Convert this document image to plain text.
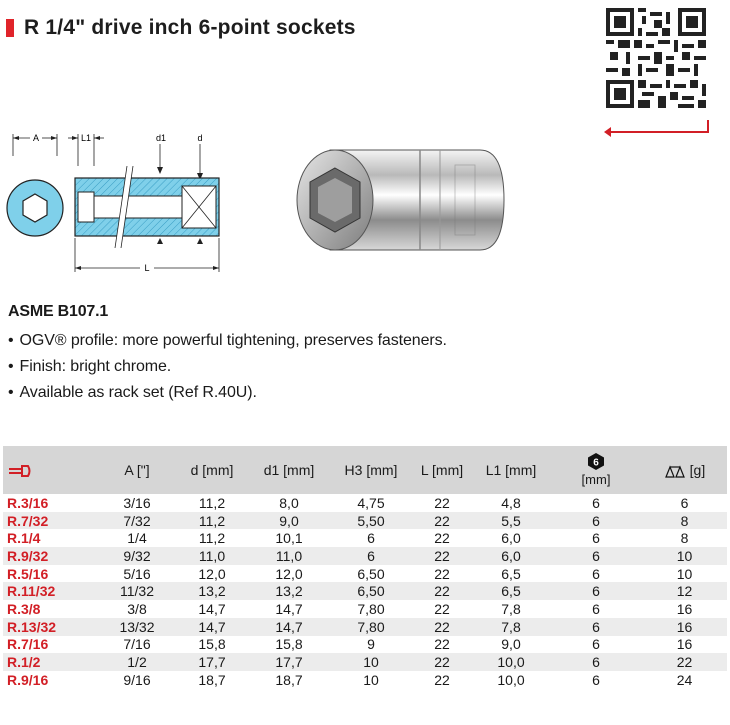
R 1/4" drive inch 6-point sockets
A	L1	d1	d
L
ASME B107.1
• OGV® profile: more powerful tightening, preserves fasteners.
• Finish: bright chrome.
• Available as rack set (Ref R.40U).
	A ["]	d [mm]	d1 [mm]	H3 [mm]	L [mm]	L1 [mm]	6
[mm]	[g]
R.3/16	3/16	11,2	8,0	4,75	22	4,8	6	6
R.7/32	7/32	11,2	9,0	5,50	22	5,5	6	8
R.1/4	1/4	11,2	10,1	6	22	6,0	6	8
R.9/32	9/32	11,0	11,0	6	22	6,0	6	10
R.5/16	5/16	12,0	12,0	6,50	22	6,5	6	10
R.11/32	11/32	13,2	13,2	6,50	22	6,5	6	12
R.3/8	3/8	14,7	14,7	7,80	22	7,8	6	16
R.13/32	13/32	14,7	14,7	7,80	22	7,8	6	16
R.7/16	7/16	15,8	15,8	9	22	9,0	6	16
R.1/2	1/2	17,7	17,7	10	22	10,0	6	22
R.9/16	9/16	18,7	18,7	10	22	10,0	6	24
